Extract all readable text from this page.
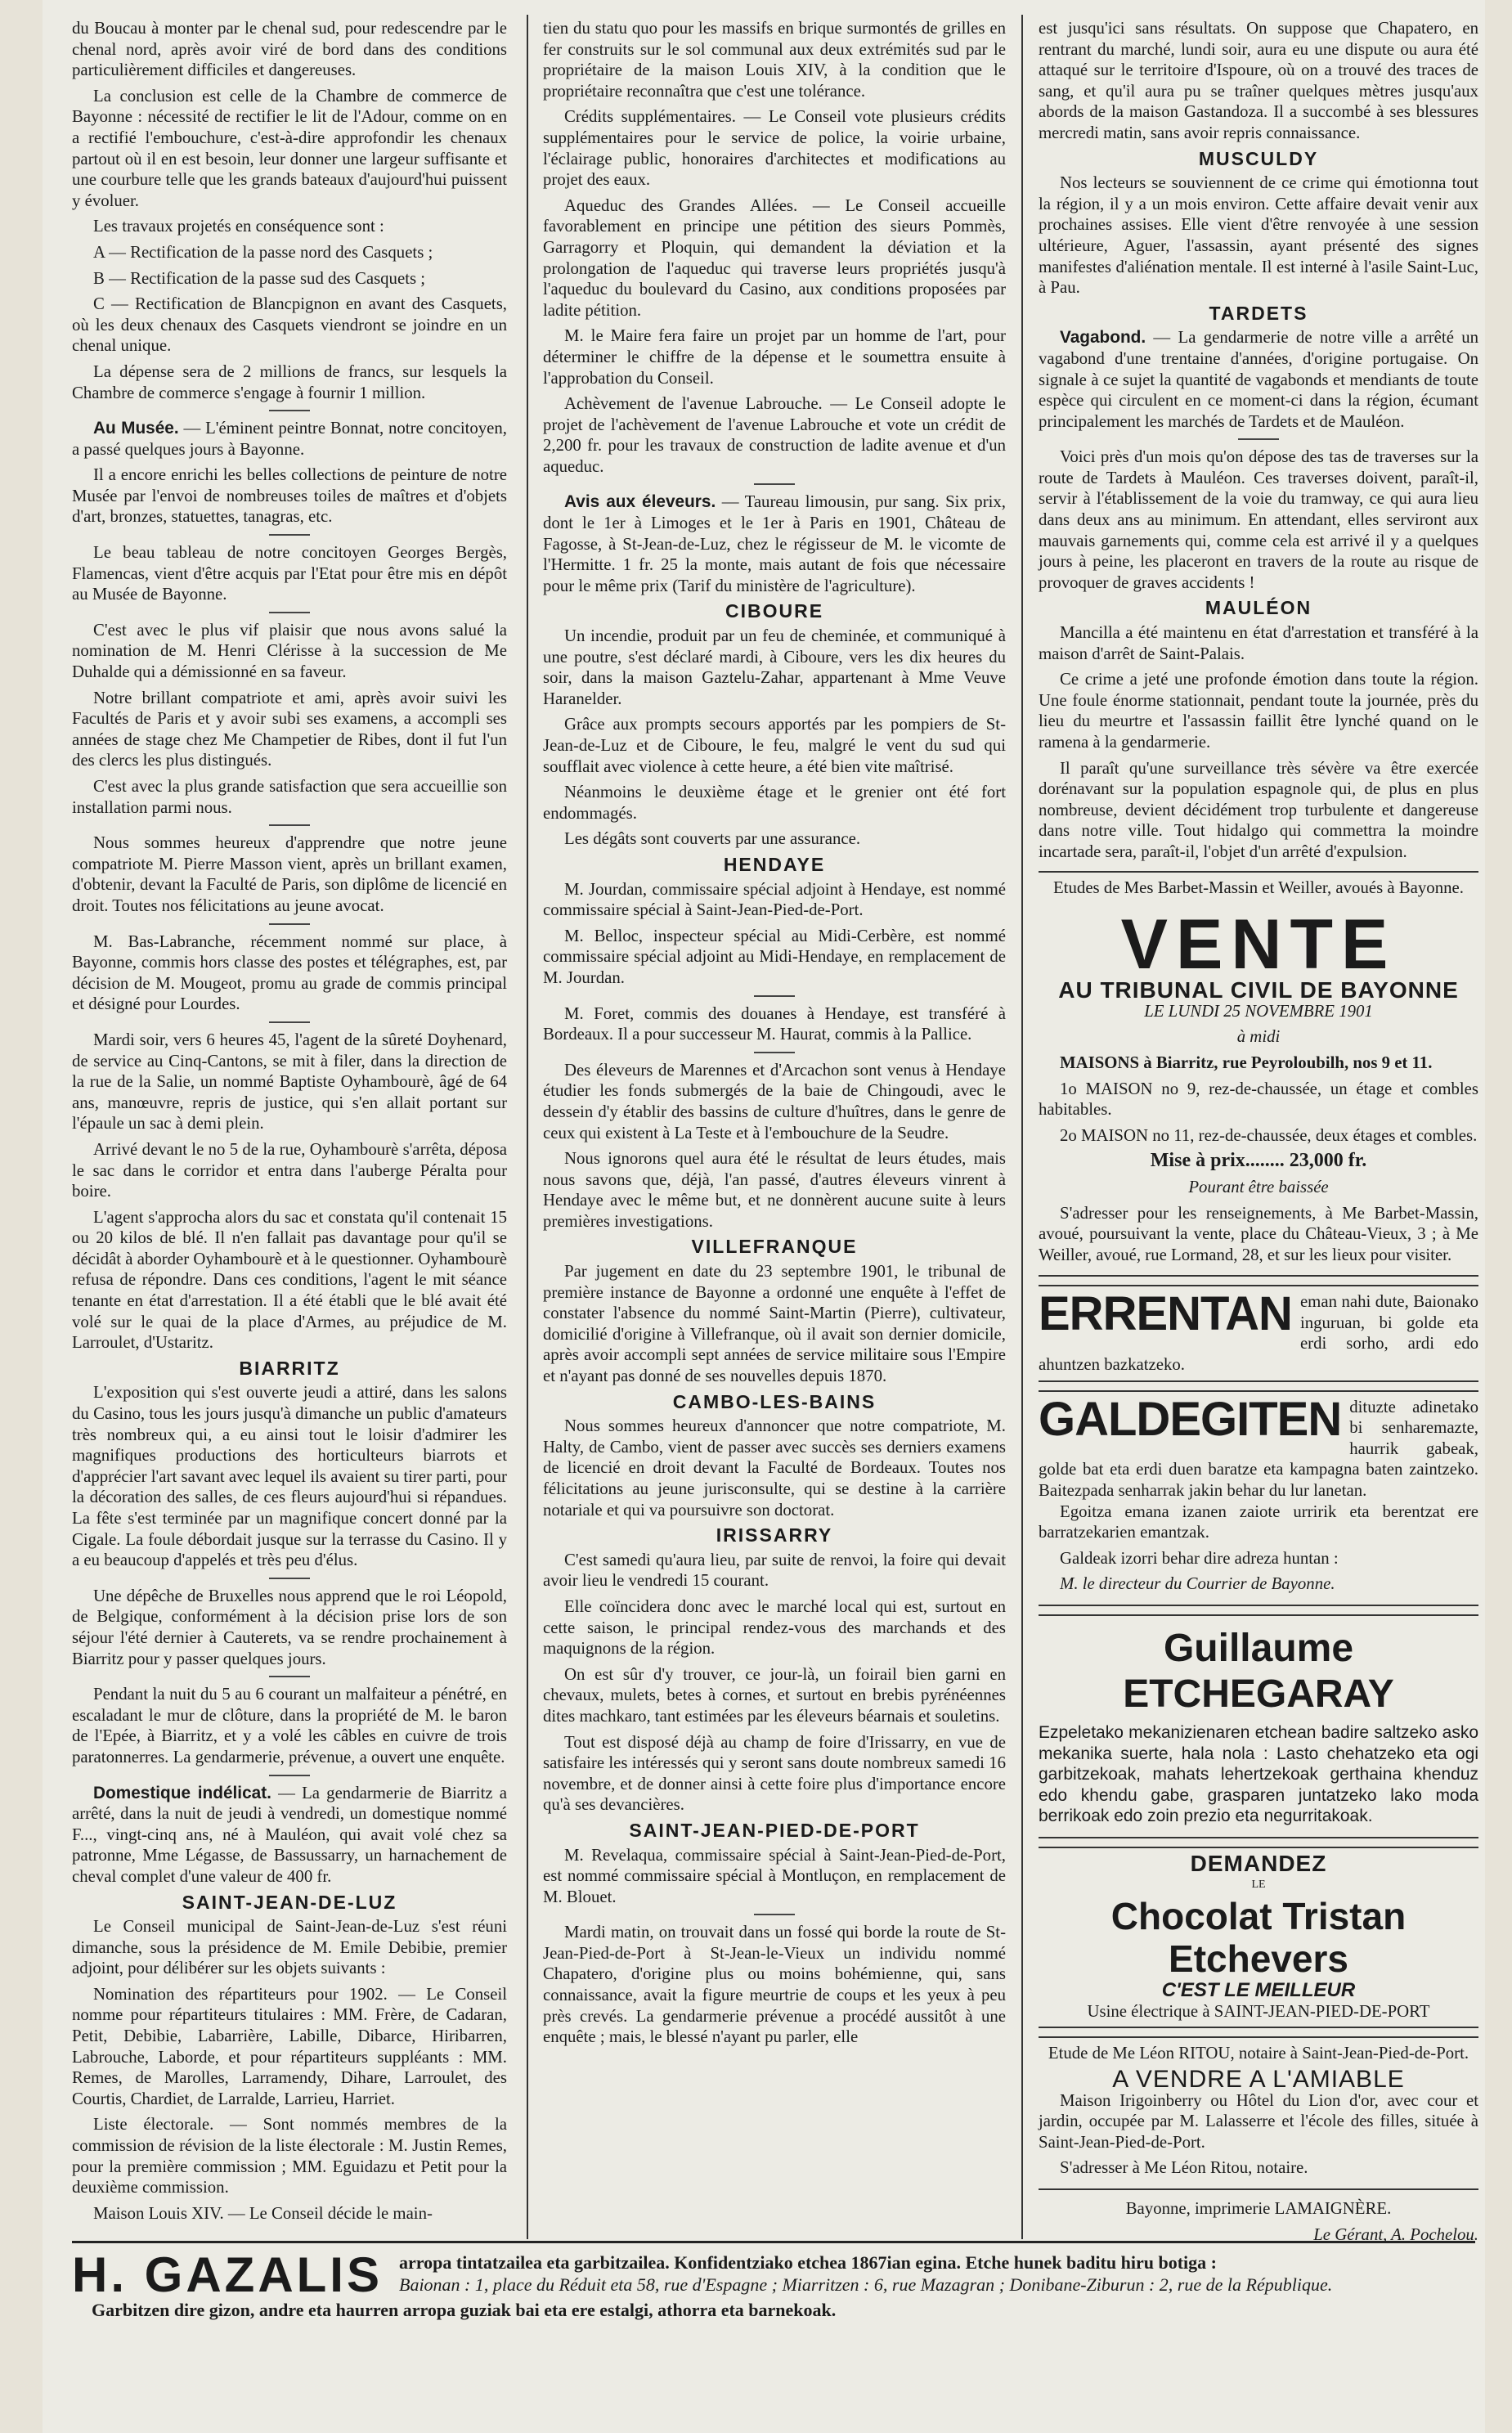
du Boucau à monter par le chenal sud, pour redescendre par le chenal nord, après avoir viré de bord dans des conditions particulièrement difficiles et dangereuses.

La conclusion est celle de la Chambre de commerce de Bayonne : nécessité de rectifier le lit de l'Adour, comme on en a rectifié l'embouchure, c'est-à-dire approfondir les chenaux partout où il en est besoin, leur donner une largeur suffisante et une courbure telle que les grands bateaux d'aujourd'hui puissent y évoluer.

Les travaux projetés en conséquence sont :

A — Rectification de la passe nord des Casquets ;

B — Rectification de la passe sud des Casquets ;

C — Rectification de Blancpignon en avant des Casquets, où les deux chenaux des Casquets viendront se joindre en un chenal unique.

La dépense sera de 2 millions de francs, sur lesquels la Chambre de commerce s'engage à fournir 1 million.

Au Musée. — L'éminent peintre Bonnat, notre concitoyen, a passé quelques jours à Bayonne.

Il a encore enrichi les belles collections de peinture de notre Musée par l'envoi de nombreuses toiles de maîtres et d'objets d'art, bronzes, statuettes, tanagras, etc.

Le beau tableau de notre concitoyen Georges Bergès, Flamencas, vient d'être acquis par l'Etat pour être mis en dépôt au Musée de Bayonne.

C'est avec le plus vif plaisir que nous avons salué la nomination de M. Henri Clérisse à la succession de Me Duhalde qui a démissionné en sa faveur.

Notre brillant compatriote et ami, après avoir suivi les Facultés de Paris et y avoir subi ses examens, a accompli ses années de stage chez Me Champetier de Ribes, dont il fut l'un des clercs les plus distingués.

C'est avec la plus grande satisfaction que sera accueillie son installation parmi nous.

Nous sommes heureux d'apprendre que notre jeune compatriote M. Pierre Masson vient, après un brillant examen, d'obtenir, devant la Faculté de Paris, son diplôme de licencié en droit. Toutes nos félicitations au jeune avocat.

M. Bas-Labranche, récemment nommé sur place, à Bayonne, commis hors classe des postes et télégraphes, est, par décision de M. Mougeot, promu au grade de commis principal et désigné pour Lourdes.

Mardi soir, vers 6 heures 45, l'agent de la sûreté Doyhenard, de service au Cinq-Cantons, se mit à filer, dans la direction de la rue de la Salie, un nommé Baptiste Oyhambourè, âgé de 64 ans, manœuvre, repris de justice, qui s'en allait portant sur l'épaule un sac à demi plein.

Arrivé devant le no 5 de la rue, Oyhambourè s'arrêta, déposa le sac dans le corridor et entra dans l'auberge Péralta pour boire.

L'agent s'approcha alors du sac et constata qu'il contenait 15 ou 20 kilos de blé. Il n'en fallait pas davantage pour qu'il se décidât à aborder Oyhambourè et à le questionner. Oyhambourè refusa de répondre. Dans ces conditions, l'agent le mit séance tenante en état d'arrestation. Il a été établi que le blé avait été volé sur le quai de la place d'Armes, au préjudice de M. Larroulet, d'Ustaritz.

BIARRITZ

L'exposition qui s'est ouverte jeudi a attiré, dans les salons du Casino, tous les jours jusqu'à dimanche un public d'amateurs très nombreux qui, a eu ainsi tout le loisir d'admirer les magnifiques productions des horticulteurs biarrots et d'apprécier l'art savant avec lequel ils avaient su tirer parti, pour la décoration des salles, de ces fleurs aujourd'hui si répandues. La fête s'est terminée par un magnifique concert donné par la Cigale. La foule débordait jusque sur la terrasse du Casino. Il y a eu beaucoup d'appelés et très peu d'élus.

Une dépêche de Bruxelles nous apprend que le roi Léopold, de Belgique, conformément à la décision prise lors de son séjour l'été dernier à Cauterets, va se rendre prochainement à Biarritz pour y passer quelques jours.

Pendant la nuit du 5 au 6 courant un malfaiteur a pénétré, en escaladant le mur de clôture, dans la propriété de M. le baron de l'Epée, à Biarritz, et y a volé les câbles en cuivre de trois paratonnerres. La gendarmerie, prévenue, a ouvert une enquête.

Domestique indélicat. — La gendarmerie de Biarritz a arrêté, dans la nuit de jeudi à vendredi, un domestique nommé F..., vingt-cinq ans, né à Mauléon, qui avait volé chez sa patronne, Mme Légasse, de Bassussarry, un harnachement de cheval complet d'une valeur de 400 fr.

SAINT-JEAN-DE-LUZ

Le Conseil municipal de Saint-Jean-de-Luz s'est réuni dimanche, sous la présidence de M. Emile Debibie, premier adjoint, pour délibérer sur les objets suivants :

Nomination des répartiteurs pour 1902. — Le Conseil nomme pour répartiteurs titulaires : MM. Frère, de Cadaran, Petit, Debibie, Labarrière, Labille, Dibarce, Hiribarren, Labrouche, Laborde, et pour répartiteurs suppléants : MM. Remes, de Marolles, Larramendy, Dihare, Larroulet, des Courtis, Chardiet, de Larralde, Larrieu, Harriet.

Liste électorale. — Sont nommés membres de la commission de révision de la liste électorale : M. Justin Remes, pour la première commission ; MM. Eguidazu et Petit pour la deuxième commission.

Maison Louis XIV. — Le Conseil décide le main-

tien du statu quo pour les massifs en brique surmontés de grilles en fer construits sur le sol communal aux deux extrémités sud par le propriétaire de la maison Louis XIV, à la condition que le propriétaire reconnaîtra que c'est une tolérance.

Crédits supplémentaires. — Le Conseil vote plusieurs crédits supplémentaires pour le service de police, la voirie urbaine, l'éclairage public, honoraires d'architectes et modifications au projet des eaux.

Aqueduc des Grandes Allées. — Le Conseil accueille favorablement en principe une pétition des sieurs Pommès, Garragorry et Ploquin, qui demandent la déviation et la prolongation de l'aqueduc qui traverse leurs propriétés jusqu'à l'aqueduc du boulevard du Casino, aux conditions proposées par ladite pétition.

M. le Maire fera faire un projet par un homme de l'art, pour déterminer le chiffre de la dépense et le soumettra ensuite à l'approbation du Conseil.

Achèvement de l'avenue Labrouche. — Le Conseil adopte le projet de l'achèvement de l'avenue Labrouche et vote un crédit de 2,200 fr. pour les travaux de construction de ladite avenue et d'un aqueduc.

Avis aux éleveurs. — Taureau limousin, pur sang. Six prix, dont le 1er à Limoges et le 1er à Paris en 1901, Château de Fagosse, à St-Jean-de-Luz, chez le régisseur de M. le vicomte de l'Hermitte. 1 fr. 25 la monte, mais autant de fois que nécessaire pour le même prix (Tarif du ministère de l'agriculture).

CIBOURE

Un incendie, produit par un feu de cheminée, et communiqué à une poutre, s'est déclaré mardi, à Ciboure, vers les dix heures du soir, dans la maison Gaztelu-Zahar, appartenant à Mme Veuve Haranelder.

Grâce aux prompts secours apportés par les pompiers de St-Jean-de-Luz et de Ciboure, le feu, malgré le vent du sud qui soufflait avec violence à cette heure, a été bien vite maîtrisé.

Néanmoins le deuxième étage et le grenier ont été fort endommagés.

Les dégâts sont couverts par une assurance.

HENDAYE

M. Jourdan, commissaire spécial adjoint à Hendaye, est nommé commissaire spécial à Saint-Jean-Pied-de-Port.

M. Belloc, inspecteur spécial au Midi-Cerbère, est nommé commissaire spécial adjoint au Midi-Hendaye, en remplacement de M. Jourdan.

M. Foret, commis des douanes à Hendaye, est transféré à Bordeaux. Il a pour successeur M. Haurat, commis à la Pallice.

Des éleveurs de Marennes et d'Arcachon sont venus à Hendaye étudier les fonds submergés de la baie de Chingoudi, avec le dessein d'y établir des bassins de culture d'huîtres, dans le genre de ceux qui existent à La Teste et à l'embouchure de la Seudre.

Nous ignorons quel aura été le résultat de leurs études, mais nous savons que, déjà, l'an passé, d'autres éleveurs vinrent à Hendaye avec le même but, et ne donnèrent aucune suite à leurs premières investigations.

VILLEFRANQUE

Par jugement en date du 23 septembre 1901, le tribunal de première instance de Bayonne a ordonné une enquête à l'effet de constater l'absence du nommé Saint-Martin (Pierre), cultivateur, domicilié d'origine à Villefranque, où il avait son dernier domicile, après avoir accompli sept années de service militaire sous l'Empire et n'ayant pas donné de ses nouvelles depuis 1870.

CAMBO-LES-BAINS

Nous sommes heureux d'annoncer que notre compatriote, M. Halty, de Cambo, vient de passer avec succès ses derniers examens de licencié en droit devant la Faculté de Bordeaux. Toutes nos félicitations au jeune jurisconsulte, qui se destine à la carrière notariale et qui va poursuivre son doctorat.

IRISSARRY

C'est samedi qu'aura lieu, par suite de renvoi, la foire qui devait avoir lieu le vendredi 15 courant.

Elle coïncidera donc avec le marché local qui est, surtout en cette saison, le principal rendez-vous des marchands et des maquignons de la région.

On est sûr d'y trouver, ce jour-là, un foirail bien garni en chevaux, mulets, betes à cornes, et surtout en brebis pyrénéennes dites machkaro, tant estimées par les éleveurs béarnais et souletins.

Tout est disposé déjà au champ de foire d'Irissarry, en vue de satisfaire les intéressés qui y seront sans doute nombreux samedi 16 novembre, et de donner ainsi à cette foire plus d'importance encore qu'à ses devancières.

SAINT-JEAN-PIED-DE-PORT

M. Revelaqua, commissaire spécial à Saint-Jean-Pied-de-Port, est nommé commissaire spécial à Montluçon, en remplacement de M. Blouet.

Mardi matin, on trouvait dans un fossé qui borde la route de St-Jean-Pied-de-Port à St-Jean-le-Vieux un individu nommé Chapatero, d'origine plus ou moins bohémienne, qui, sans connaissance, avait la figure meurtrie de coups et les yeux à peu près crevés. La gendarmerie prévenue a procédé aussitôt à une enquête ; mais, le blessé n'ayant pu parler, elle

est jusqu'ici sans résultats. On suppose que Chapatero, en rentrant du marché, lundi soir, aura eu une dispute ou aura été attaqué sur le territoire d'Ispoure, où on a trouvé des traces de sang, et qu'il aura pu se traîner quelques mètres jusqu'aux abords de la maison Gastandoza. Il a succombé à ses blessures mercredi matin, sans avoir repris connaissance.

MUSCULDY

Nos lecteurs se souviennent de ce crime qui émotionna tout la région, il y a un mois environ. Cette affaire devait venir aux prochaines assises. Elle vient d'être renvoyée à une session ultérieure, Aguer, l'assassin, ayant présenté des signes manifestes d'aliénation mentale. Il est interné à l'asile Saint-Luc, à Pau.

TARDETS

Vagabond. — La gendarmerie de notre ville a arrêté un vagabond d'une trentaine d'années, d'origine portugaise. On signale à ce sujet la quantité de vagabonds et mendiants de toute espèce qui circulent en ce moment-ci dans la région, écumant principalement les marchés de Tardets et de Mauléon.

Voici près d'un mois qu'on dépose des tas de traverses sur la route de Tardets à Mauléon. Ces traverses doivent, paraît-il, servir à l'établissement de la voie du tramway, ce qui aura lieu dans deux ans au minimum. En attendant, elles serviront aux mauvais garnements qui, comme cela est arrivé il y a quelques jours à peine, les placeront en travers de la route au risque de provoquer de graves accidents !

MAULÉON

Mancilla a été maintenu en état d'arrestation et transféré à la maison d'arrêt de Saint-Palais.

Ce crime a jeté une profonde émotion dans toute la région. Une foule énorme stationnait, pendant toute la journée, près du lieu du meurtre et l'assassin faillit être lynché quand on le ramena à la gendarmerie.

Il paraît qu'une surveillance très sévère va être exercée dorénavant sur la population espagnole qui, de plus en plus nombreuse, devient décidément trop turbulente et dangereuse dans notre ville. Tout hidalgo qui commettra la moindre incartade sera, paraît-il, l'objet d'un arrêté d'expulsion.

Etudes de Mes Barbet-Massin et Weiller, avoués à Bayonne.

VENTE
AU TRIBUNAL CIVIL DE BAYONNE

LE LUNDI 25 NOVEMBRE 1901

à midi

MAISONS à Biarritz, rue Peyroloubilh, nos 9 et 11.

1o MAISON no 9, rez-de-chaussée, un étage et combles habitables.

2o MAISON no 11, rez-de-chaussée, deux étages et combles.

Mise à prix........ 23,000 fr.

Pourant être baissée

S'adresser pour les renseignements, à Me Barbet-Massin, avoué, poursuivant la vente, place du Château-Vieux, 3 ; à Me Weiller, avoué, rue Lormand, 28, et sur les lieux pour visiter.

ERRENTAN eman nahi dute, Baionako inguruan, bi golde eta erdi sorho, ardi edo ahuntzen bazkatzeko.
GALDEGITEN dituzte adinetako bi senharemazte, haurrik gabeak, golde bat eta erdi duen baratze eta kampagna baten zaintzeko. Baitezpada senharrak jakin behar du lur lanetan.

Egoitza emana izanen zaiote urririk eta berentzat ere barratzekarien emantzak.

Galdeak izorri behar dire adreza huntan :

M. le directeur du Courrier de Bayonne.

Guillaume ETCHEGARAY

Ezpeletako mekanizienaren etchean badire saltzeko asko mekanika suerte, hala nola : Lasto chehatzeko eta ogi garbitzekoak, mahats lehertzekoak gerthaina khenduz edo khendu gabe, grasparen juntatzeko lako moda berrikoak edo zoin prezio eta negurritakoak.

DEMANDEZ
LE
Chocolat Tristan Etchevers
C'EST LE MEILLEUR
Usine électrique à SAINT-JEAN-PIED-DE-PORT

Etude de Me Léon RITOU, notaire à Saint-Jean-Pied-de-Port.

A VENDRE A L'AMIABLE

Maison Irigoinberry ou Hôtel du Lion d'or, avec cour et jardin, occupée par M. Lalasserre et l'école des filles, située à Saint-Jean-Pied-de-Port.

S'adresser à Me Léon Ritou, notaire.

Bayonne, imprimerie LAMAIGNÈRE.

Le Gérant, A. Pochelou.

H. GAZALIS arropa tintatzailea eta garbitzailea. Konfidentziako etchea 1867ian egina. Etche hunek baditu hiru botiga :
Baionan : 1, place du Réduit eta 58, rue d'Espagne ; Miarritzen : 6, rue Mazagran ; Donibane-Ziburun : 2, rue de la République.
Garbitzen dire gizon, andre eta haurren arropa guziak bai eta ere estalgi, athorra eta barnekoak.
